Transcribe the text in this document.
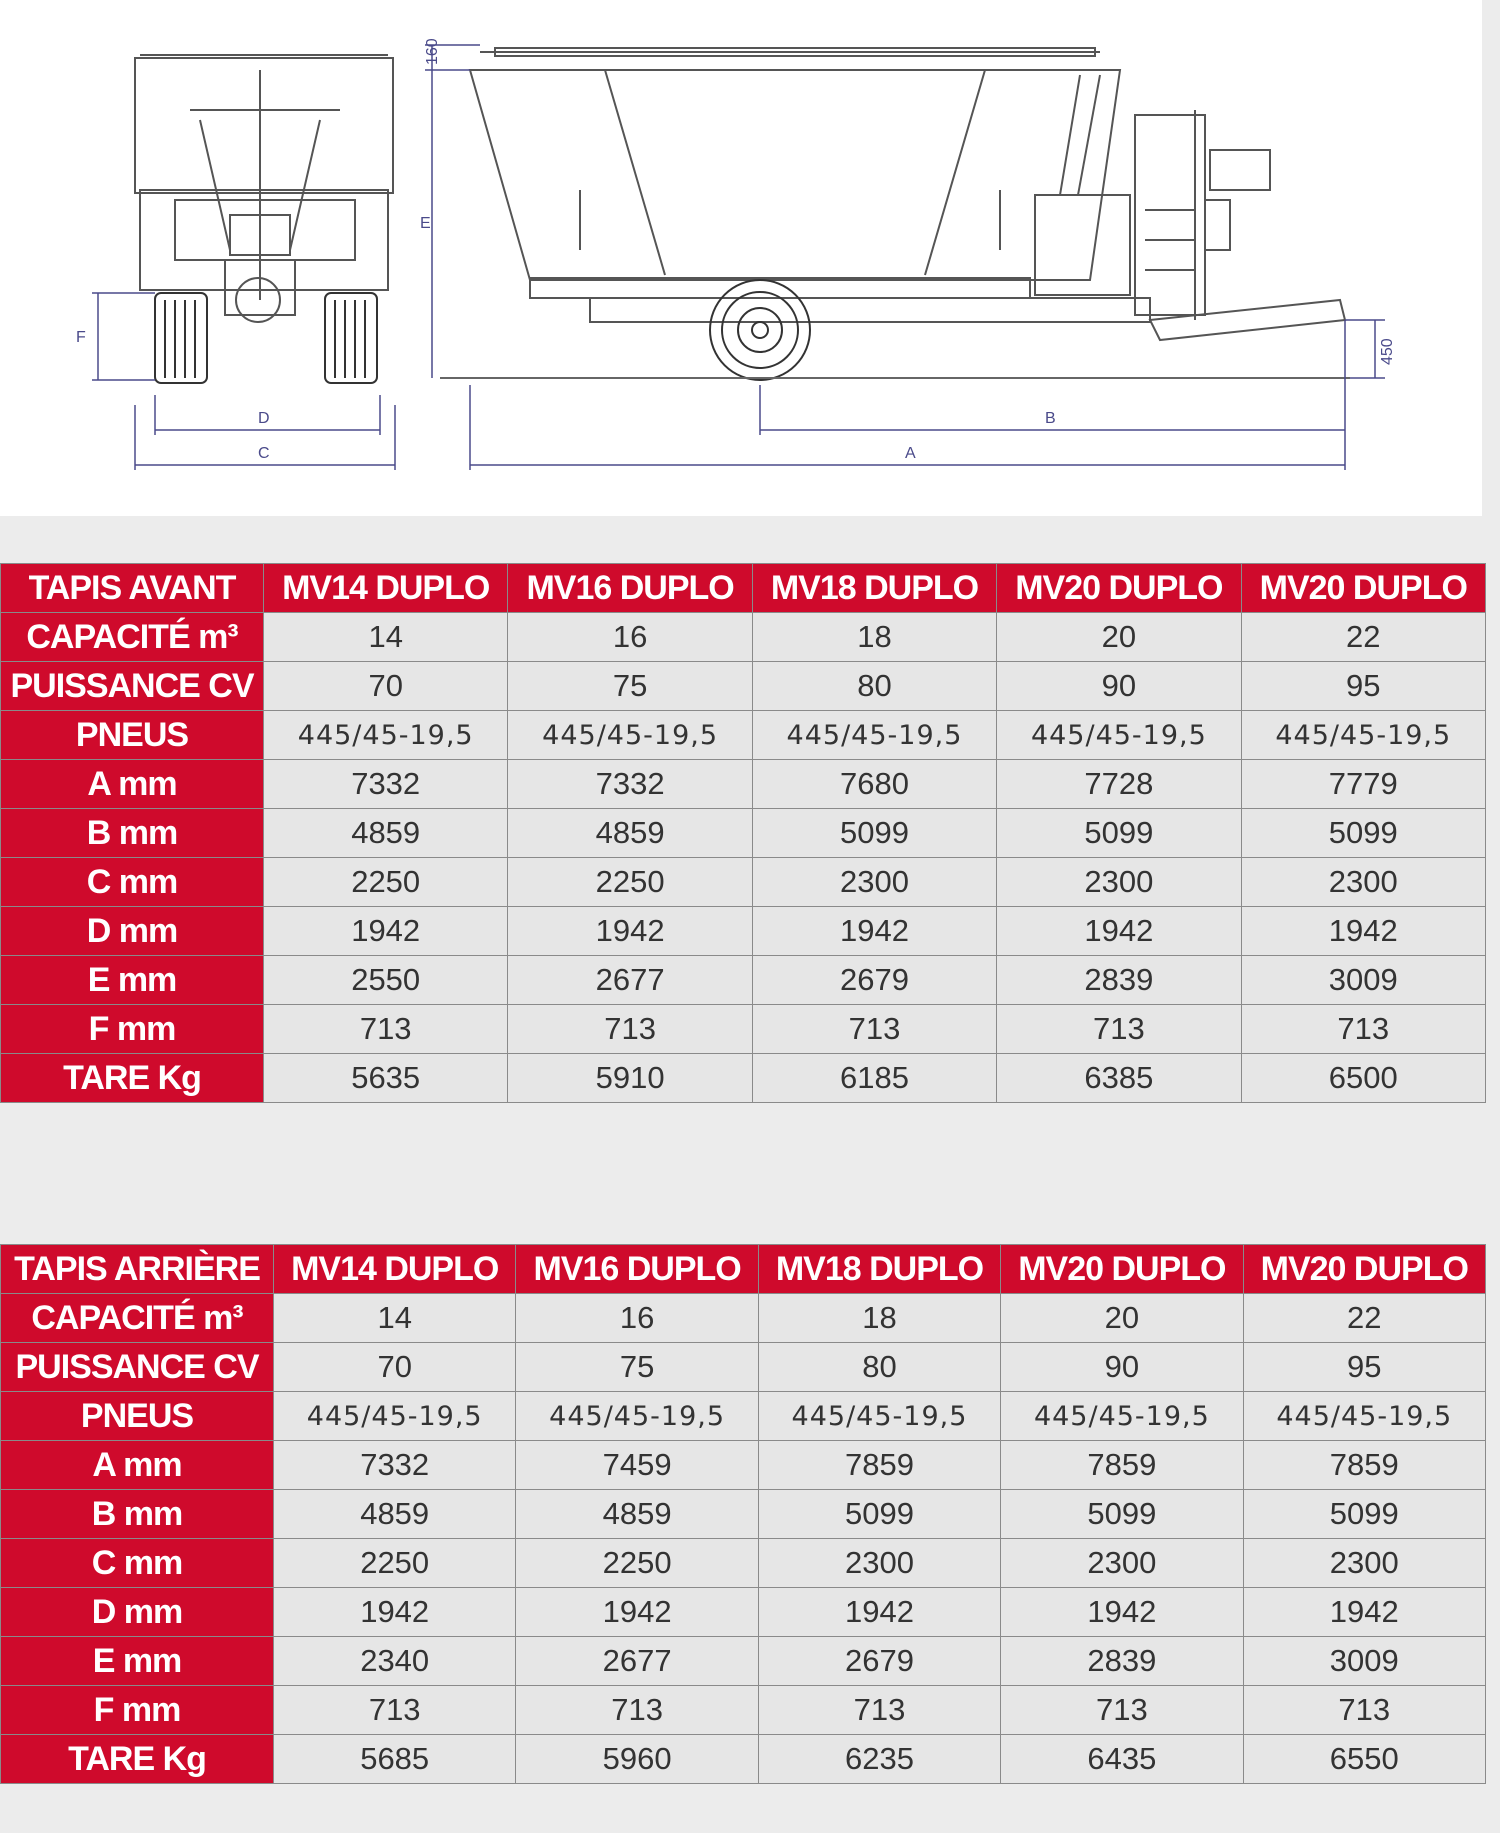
160
E
F
D
C
B
A
450
TAPIS AVANT	MV14 DUPLO	MV16 DUPLO	MV18 DUPLO	MV20 DUPLO	MV20 DUPLO
CAPACITÉ m³	14	16	18	20	22
PUISSANCE CV	70	75	80	90	95
PNEUS	445/45-19,5	445/45-19,5	445/45-19,5	445/45-19,5	445/45-19,5
A mm	7332	7332	7680	7728	7779
B mm	4859	4859	5099	5099	5099
C mm	2250	2250	2300	2300	2300
D mm	1942	1942	1942	1942	1942
E mm	2550	2677	2679	2839	3009
F mm	713	713	713	713	713
TARE Kg	5635	5910	6185	6385	6500
TAPIS ARRIÈRE	MV14 DUPLO	MV16 DUPLO	MV18 DUPLO	MV20 DUPLO	MV20 DUPLO
CAPACITÉ m³	14	16	18	20	22
PUISSANCE CV	70	75	80	90	95
PNEUS	445/45-19,5	445/45-19,5	445/45-19,5	445/45-19,5	445/45-19,5
A mm	7332	7459	7859	7859	7859
B mm	4859	4859	5099	5099	5099
C mm	2250	2250	2300	2300	2300
D mm	1942	1942	1942	1942	1942
E mm	2340	2677	2679	2839	3009
F mm	713	713	713	713	713
TARE Kg	5685	5960	6235	6435	6550
